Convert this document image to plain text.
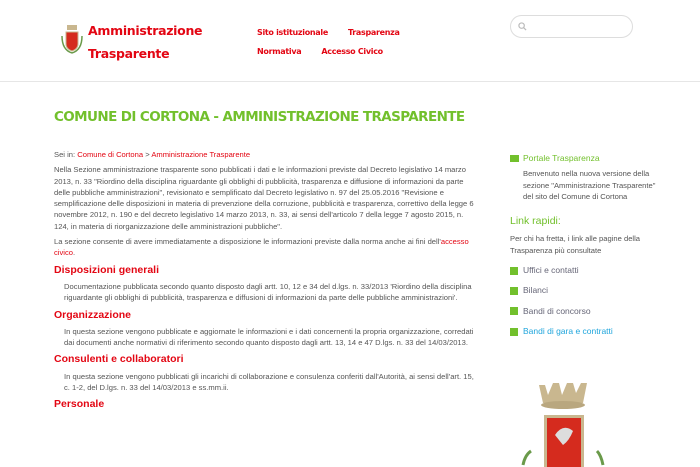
Amministrazione
Trasparente
Sito istituzionale	TrasparenzaNormativa	Accesso Civico
COMUNE DI CORTONA - AMMINISTRAZIONE TRASPARENTE

Sei in: Comune di Cortona > Amministrazione Trasparente

Nella Sezione amministrazione trasparente sono pubblicati i dati e le informazioni previste dal Decreto legislativo 14 marzo 2013, n. 33 "Riordino della disciplina riguardante gli obblighi di pubblicità, trasparenza e diffusione di informazioni da parte delle pubbliche amministrazioni", revisionato e semplificato dal Decreto legislativo n. 97 del 25.05.2016 "Revisione e semplificazione delle disposizioni in materia di prevenzione della corruzione, pubblicità e trasparenza, correttivo della legge 6 novembre 2012, n. 190 e del decreto legislativo 14 marzo 2013, n. 33, ai sensi dell'articolo 7 della legge 7 agosto 2015, n. 124, in materia di riorganizzazione delle amministrazioni pubbliche".

La sezione consente di avere immediatamente a disposizione le informazioni previste dalla norma anche ai fini dell'accesso civico.

Disposizioni generali
Documentazione pubblicata secondo quanto disposto dagli artt. 10, 12 e 34 del d.lgs. n. 33/2013 'Riordino della disciplina riguardante gli obblighi di pubblicità, trasparenza e diffusioni di informazioni da parte delle pubbliche amministrazioni'.
Organizzazione
In questa sezione vengono pubblicate e aggiornate le informazioni e i dati concernenti la propria organizzazione, corredati dai documenti anche normativi di riferimento secondo quanto disposto dagli artt. 13, 14 e 47 D.lgs. n. 33 del 14/03/2013.
Consulenti e collaboratori
In questa sezione vengono pubblicati gli incarichi di collaborazione e consulenza conferiti dall'Autorità, ai sensi dell'art. 15, c. 1-2, del D.lgs. n. 33 del 14/03/2013 e ss.mm.ii.
Personale
Portale Trasparenza
Benvenuto nella nuova versione della sezione "Amministrazione Trasparente" del sito del Comune di Cortona
Link rapidi:
Per chi ha fretta, i link alle pagine della Trasparenza più consultate
Uffici e contatti
Bilanci
Bandi di concorso
Bandi di gara e contratti
